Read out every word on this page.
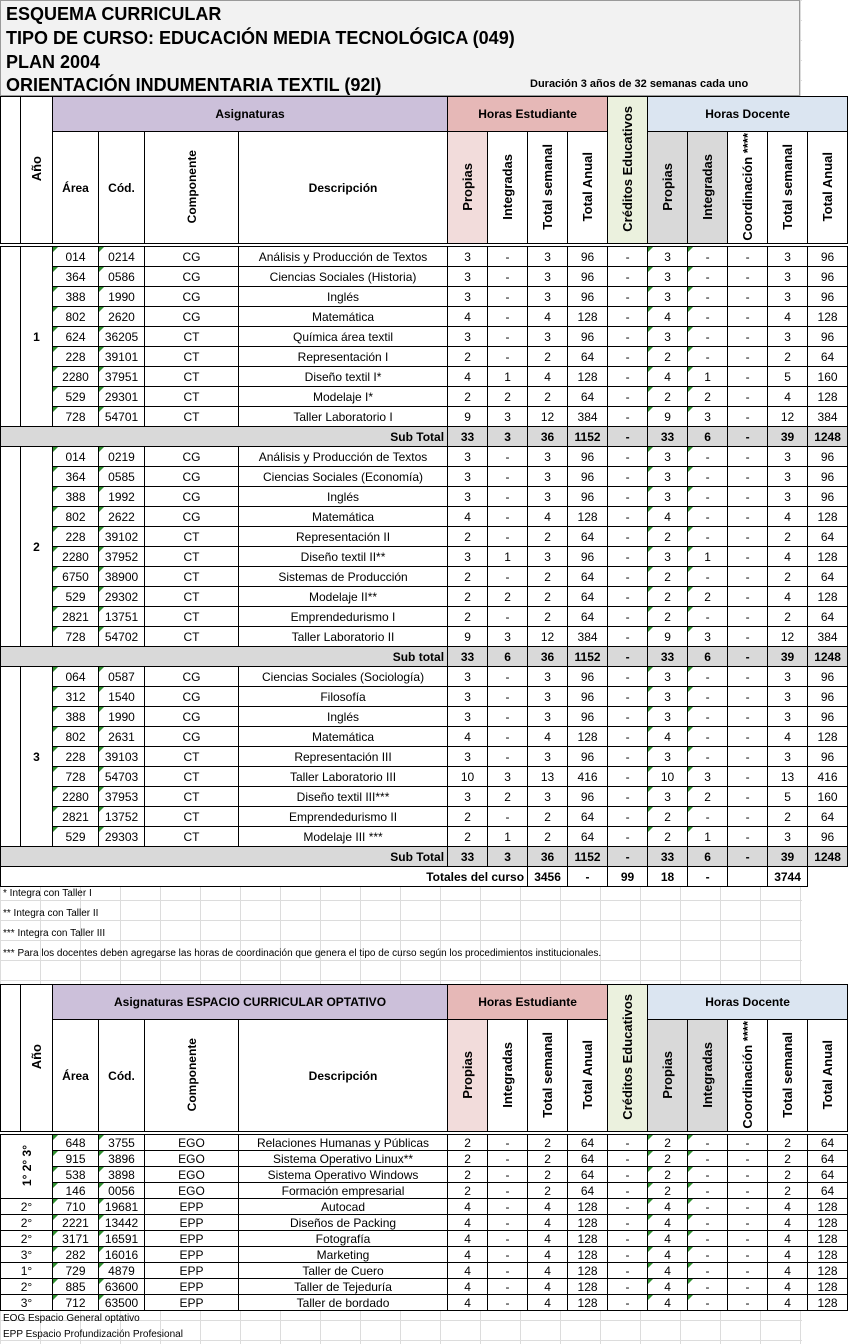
ESQUEMA CURRICULAR
TIPO DE CURSO: EDUCACIÓN MEDIA TECNOLÓGICA (049)
PLAN 2004
ORIENTACIÓN INDUMENTARIA TEXTIL (92I)	Duración 3 años de 32 semanas cada uno
	Año	Asignaturas				Horas Estudiante				Créditos Educativos	Horas Docente				
		Área	Cód.	Componente	Descripción	Propias	Integradas	Total semanal	Total Anual		Propias	Integradas	Coordinación ****	Total semanal	Total Anual

	1	014	0214	CG	Análisis y Producción de Textos	3	-	3	96	-	3	-	-	3	96
		364	0586	CG	Ciencias Sociales (Historia)	3	-	3	96	-	3	-	-	3	96
		388	1990	CG	Inglés	3	-	3	96	-	3	-	-	3	96
		802	2620	CG	Matemática	4	-	4	128	-	4	-	-	4	128
		624	36205	CT	Química área textil	3	-	3	96	-	3	-	-	3	96
		228	39101	CT	Representación I	2	-	2	64	-	2	-	-	2	64
		2280	37951	CT	Diseño textil I*	4	1	4	128	-	4	1	-	5	160
		529	29301	CT	Modelaje I*	2	2	2	64	-	2	2	-	4	128
		728	54701	CT	Taller Laboratorio I	9	3	12	384	-	9	3	-	12	384
Sub Total						33	3	36	1152	-	33	6	-	39	1248
	2	014	0219	CG	Análisis y Producción de Textos	3	-	3	96	-	3	-	-	3	96
		364	0585	CG	Ciencias Sociales (Economía)	3	-	3	96	-	3	-	-	3	96
		388	1992	CG	Inglés	3	-	3	96	-	3	-	-	3	96
		802	2622	CG	Matemática	4	-	4	128	-	4	-	-	4	128
		228	39102	CT	Representación II	2	-	2	64	-	2	-	-	2	64
		2280	37952	CT	Diseño textil II**	3	1	3	96	-	3	1	-	4	128
		6750	38900	CT	Sistemas de Producción	2	-	2	64	-	2	-	-	2	64
		529	29302	CT	Modelaje II**	2	2	2	64	-	2	2	-	4	128
		2821	13751	CT	Emprendedurismo I	2	-	2	64	-	2	-	-	2	64
		728	54702	CT	Taller Laboratorio II	9	3	12	384	-	9	3	-	12	384
Sub total						33	6	36	1152	-	33	6	-	39	1248
	3	064	0587	CG	Ciencias Sociales (Sociología)	3	-	3	96	-	3	-	-	3	96
		312	1540	CG	Filosofía	3	-	3	96	-	3	-	-	3	96
		388	1990	CG	Inglés	3	-	3	96	-	3	-	-	3	96
		802	2631	CG	Matemática	4	-	4	128	-	4	-	-	4	128
		228	39103	CT	Representación III	3	-	3	96	-	3	-	-	3	96
		728	54703	CT	Taller Laboratorio III	10	3	13	416	-	10	3	-	13	416
		2280	37953	CT	Diseño textil III***	3	2	3	96	-	3	2	-	5	160
		2821	13752	CT	Emprendedurismo II	2	-	2	64	-	2	-	-	2	64
		529	29303	CT	Modelaje III ***	2	1	2	64	-	2	1	-	3	96
Sub Total						33	3	36	1152	-	33	6	-	39	1248
Totales del curso								3456	-	99	18	-		3744	
* Integra con Taller I
** Integra con Taller II
*** Integra con Taller III
*** Para los docentes deben agregarse las horas de coordinación que genera el tipo de curso según los procedimientos institucionales.
	Año	Asignaturas ESPACIO CURRICULAR OPTATIVO				Horas Estudiante				Créditos Educativos	Horas Docente				
		Área	Cód.	Componente	Descripción	Propias	Integradas	Total semanal	Total Anual		Propias	Integradas	Coordinación ****	Total semanal	Total Anual

1° 2° 3°		648	3755	EGO	Relaciones Humanas y Públicas	2	-	2	64	-	2	-	-	2	64
		915	3896	EGO	Sistema Operativo Linux**	2	-	2	64	-	2	-	-	2	64
		538	3898	EGO	Sistema Operativo Windows	2	-	2	64	-	2	-	-	2	64
		146	0056	EGO	Formación empresarial	2	-	2	64	-	2	-	-	2	64
2°		710	19681	EPP	Autocad	4	-	4	128	-	4	-	-	4	128
2°		2221	13442	EPP	Diseños de Packing	4	-	4	128	-	4	-	-	4	128
2°		3171	16591	EPP	Fotografía	4	-	4	128	-	4	-	-	4	128
3°		282	16016	EPP	Marketing	4	-	4	128	-	4	-	-	4	128
1°		729	4879	EPP	Taller de Cuero	4	-	4	128	-	4	-	-	4	128
2°		885	63600	EPP	Taller de Tejeduría	4	-	4	128	-	4	-	-	4	128
3°		712	63500	EPP	Taller de bordado	4	-	4	128	-	4	-	-	4	128
EOG Espacio General optativo
EPP Espacio Profundización Profesional
